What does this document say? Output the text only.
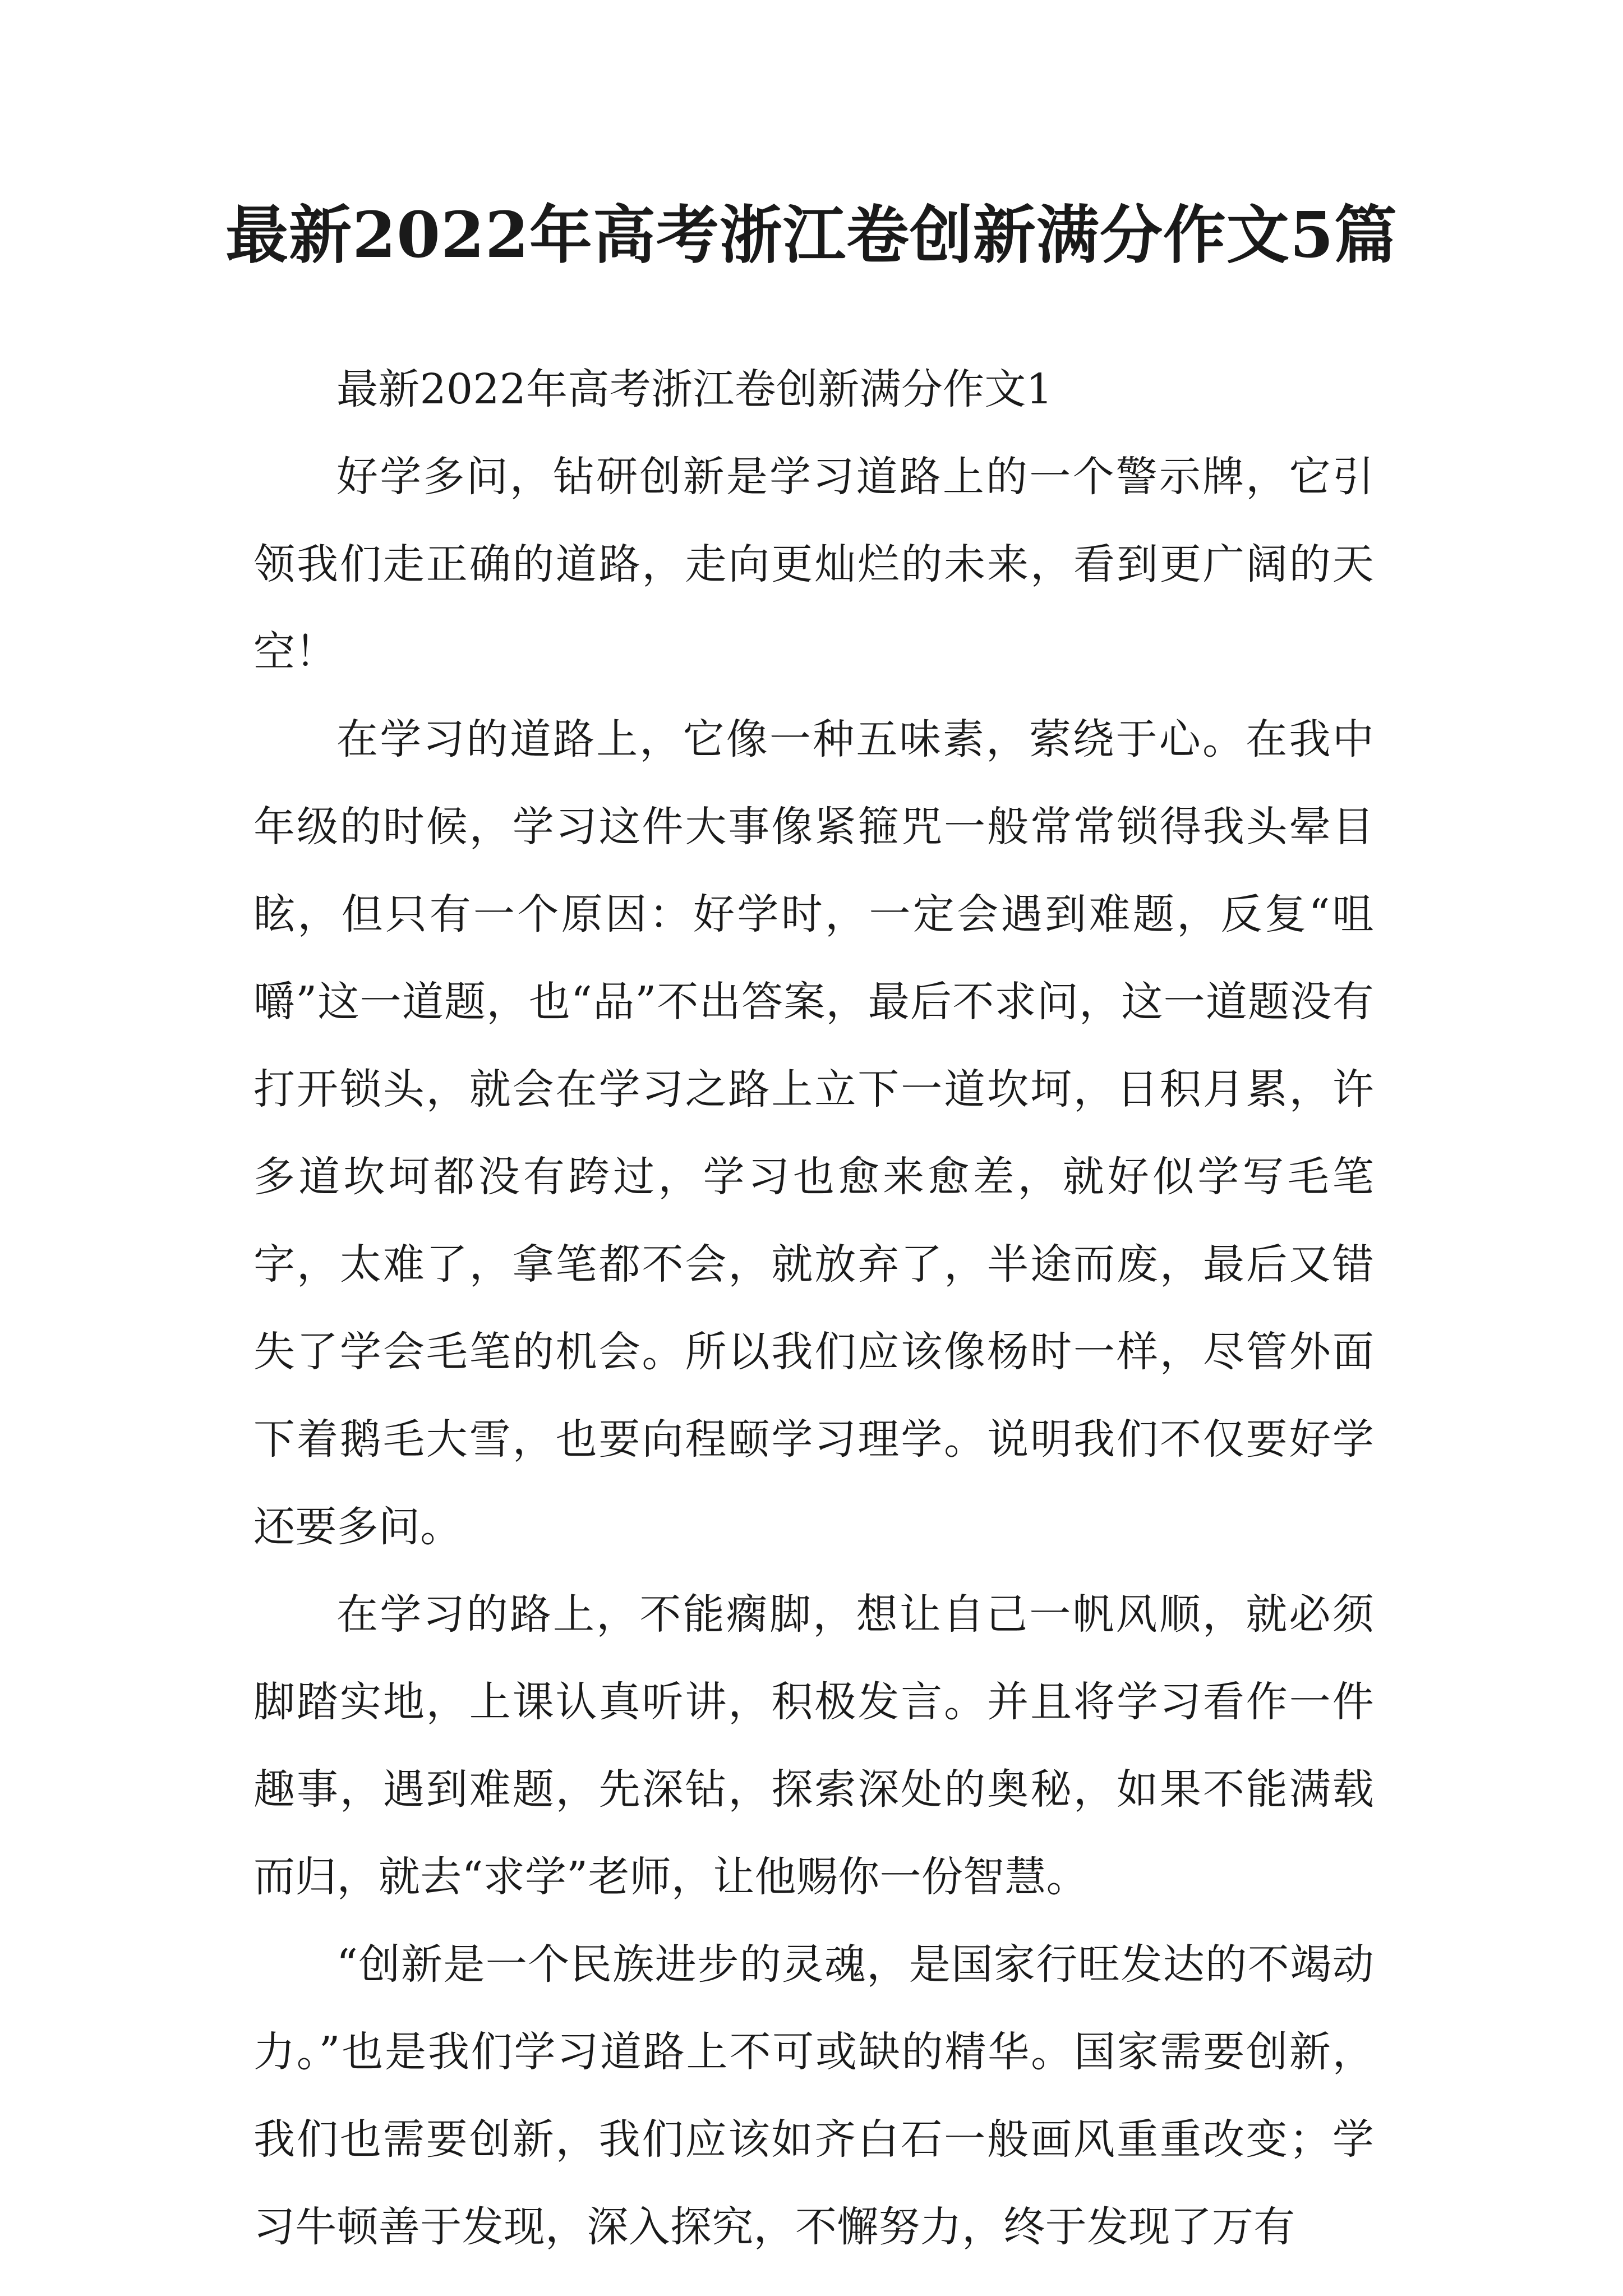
最新2022年高考浙江卷创新满分作文5篇

最新2022年高考浙江卷创新满分作文1

好学多问，钻研创新是学习道路上的一个警示牌，它引领我们走正确的道路，走向更灿烂的未来，看到更广阔的天空！

在学习的道路上，它像一种五味素，萦绕于心。在我中年级的时候，学习这件大事像紧箍咒一般常常锁得我头晕目眩，但只有一个原因：好学时，一定会遇到难题，反复“咀嚼”这一道题，也“品”不出答案，最后不求问，这一道题没有打开锁头，就会在学习之路上立下一道坎坷，日积月累，许多道坎坷都没有跨过，学习也愈来愈差，就好似学写毛笔字，太难了，拿笔都不会，就放弃了，半途而废，最后又错失了学会毛笔的机会。所以我们应该像杨时一样，尽管外面下着鹅毛大雪，也要向程颐学习理学。说明我们不仅要好学还要多问。

在学习的路上，不能瘸脚，想让自己一帆风顺，就必须脚踏实地，上课认真听讲，积极发言。并且将学习看作一件趣事，遇到难题，先深钻，探索深处的奥秘，如果不能满载而归，就去“求学”老师，让他赐你一份智慧。

“创新是一个民族进步的灵魂，是国家行旺发达的不竭动力。”也是我们学习道路上不可或缺的精华。国家需要创新，我们也需要创新，我们应该如齐白石一般画风重重改变；学习牛顿善于发现，深入探究，不懈努力，终于发现了万有
